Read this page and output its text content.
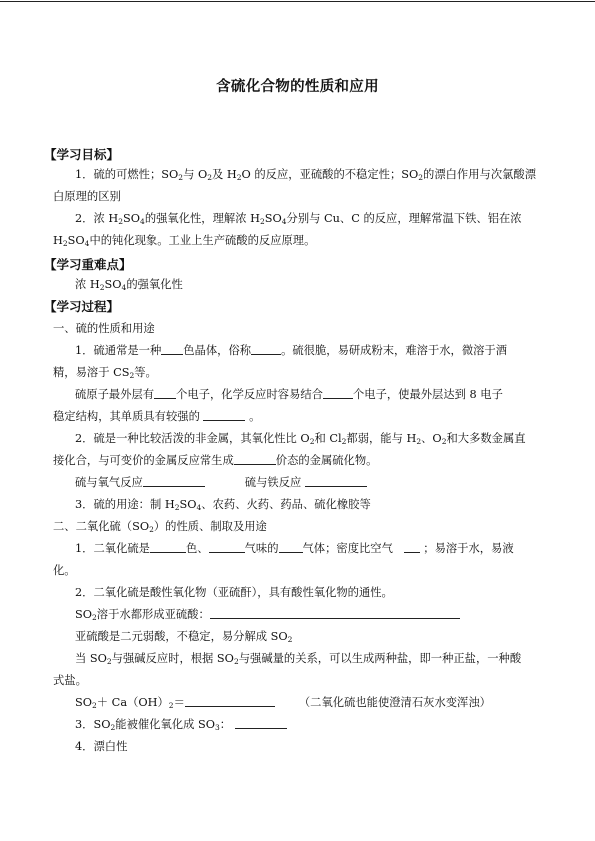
含硫化合物的性质和应用
【学习目标】
1．硫的可燃性；$SO_2$与 $O_2$及 $H_2O$ 的反应，亚硫酸的不稳定性；$SO_2$的漂白作用与次氯酸漂
白原理的区别
2．浓 $H_2SO_4$的强氧化性，理解浓 $H_2SO_4$分别与 Cu、C 的反应，理解常温下铁、铝在浓
$H_2SO_4$中的钝化现象。工业上生产硫酸的反应原理。
【学习重难点】
浓 $H_2SO_4$的强氧化性
【学习过程】
一、硫的性质和用途
1．硫通常是一种 色晶体，俗称	。硫很脆，易研成粉末，难溶于水，微溶于酒
精，易溶于 $CS_2$等。
硫原子最外层有 个电子，化学反应时容易结合	个电子，使最外层达到 8 电子
稳定结构，其单质具有较强的	。
2．硫是一种比较活泼的非金属，其氧化性比 $O_2$和 $Cl_2$都弱，能与 $H_2$、$O_2$和大多数金属直
接化合，与可变价的金属反应常生成	价态的金属硫化物。
硫与氧气反应	硫与铁反应
3．硫的用途：制 $H_2SO_4$、农药、火药、药品、硫化橡胶等
二、二氧化硫$(SO_2)$的性质、制取及用途
1．二氧化硫是	色、	气味的 气体；密度比空气	；易溶于水，易液
化。
2．二氧化硫是酸性氧化物（亚硫酐），具有酸性氧化物的通性。
$SO_2$溶于水都形成亚硫酸：
亚硫酸是二元弱酸，不稳定，易分解成 $SO_2$
当 $SO_2$与强碱反应时，根据 $SO_2$与强碱量的关系，可以生成两种盐，即一种正盐，一种酸
式盐。
$SO_2+ Ca(OH)_2=$	（二氧化硫也能使澄清石灰水变浑浊）
3．$SO_2$能被催化氧化成 $SO_3$：
4．漂白性
